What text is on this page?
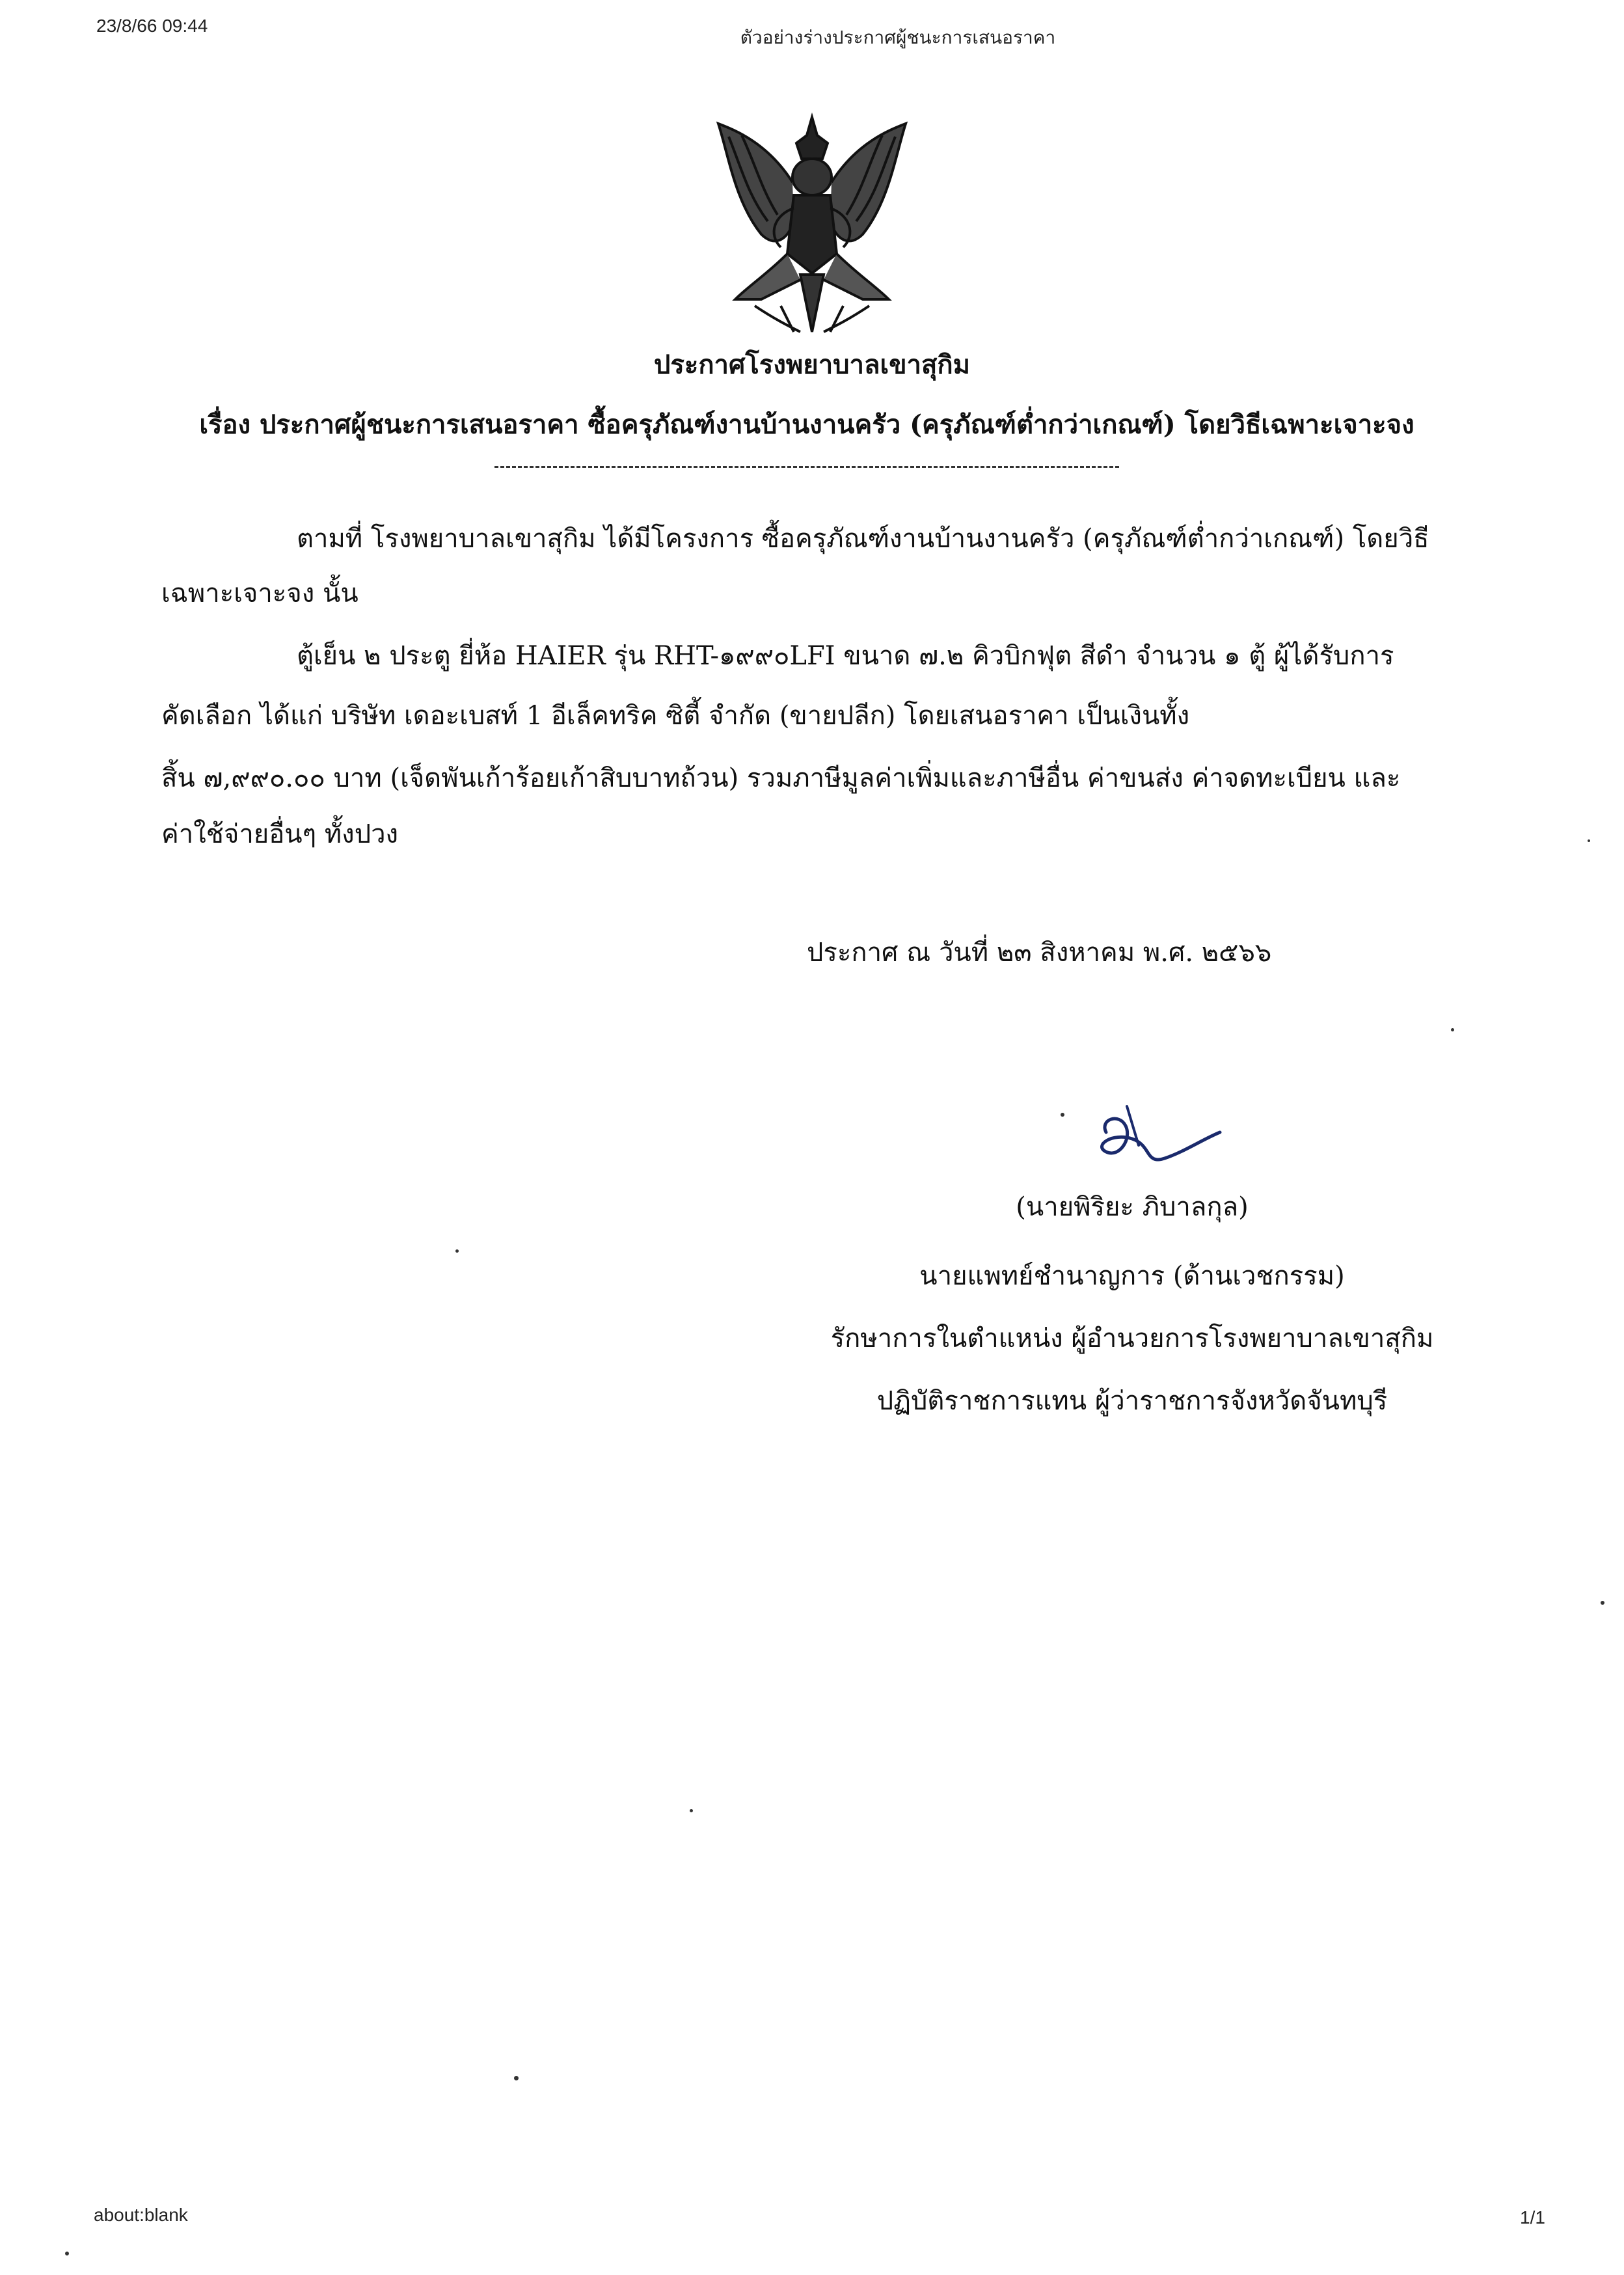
23/8/66 09:44
ตัวอย่างร่างประกาศผู้ชนะการเสนอราคา
ประกาศโรงพยาบาลเขาสุกิม
เรื่อง ประกาศผู้ชนะการเสนอราคา ซื้อครุภัณฑ์งานบ้านงานครัว (ครุภัณฑ์ต่ำกว่าเกณฑ์) โดยวิธีเฉพาะเจาะจง
ตามที่ โรงพยาบาลเขาสุกิม ได้มีโครงการ ซื้อครุภัณฑ์งานบ้านงานครัว (ครุภัณฑ์ต่ำกว่าเกณฑ์) โดยวิธี
เฉพาะเจาะจง นั้น
ตู้เย็น ๒ ประตู ยี่ห้อ HAIER รุ่น RHT-๑๙๙๐LFI ขนาด ๗.๒ คิวบิกฟุต สีดำ จำนวน ๑ ตู้ ผู้ได้รับการ
คัดเลือก ได้แก่ บริษัท เดอะเบสท์ 1 อีเล็คทริค ซิตี้ จำกัด (ขายปลีก) โดยเสนอราคา เป็นเงินทั้ง
สิ้น ๗,๙๙๐.๐๐ บาท (เจ็ดพันเก้าร้อยเก้าสิบบาทถ้วน) รวมภาษีมูลค่าเพิ่มและภาษีอื่น ค่าขนส่ง ค่าจดทะเบียน และ
ค่าใช้จ่ายอื่นๆ ทั้งปวง
ประกาศ ณ วันที่ ๒๓ สิงหาคม พ.ศ. ๒๕๖๖
(นายพิริยะ ภิบาลกุล)
นายแพทย์ชำนาญการ (ด้านเวชกรรม)
รักษาการในตำแหน่ง ผู้อำนวยการโรงพยาบาลเขาสุกิม
ปฏิบัติราชการแทน ผู้ว่าราชการจังหวัดจันทบุรี
about:blank	1/1
